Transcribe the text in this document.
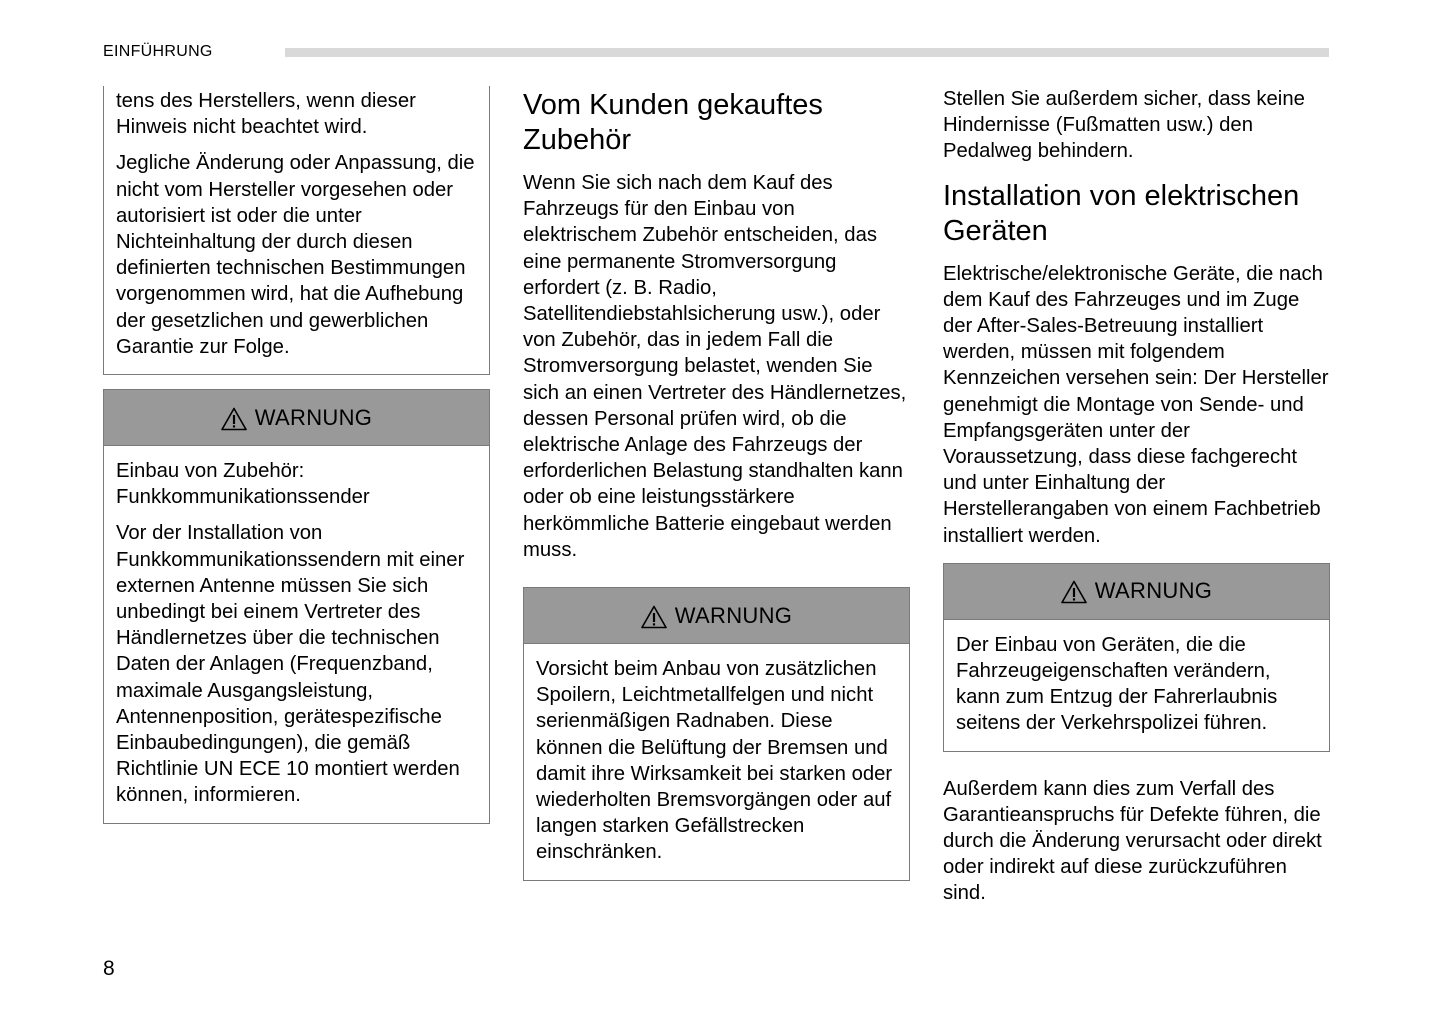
EINFÜHRUNG

tens des Herstellers, wenn dieser Hinweis nicht beachtet wird.

Jegliche Änderung oder Anpassung, die nicht vom Hersteller vorgesehen oder autorisiert ist oder die unter Nichteinhaltung der durch diesen definierten technischen Bestimmungen vorgenommen wird, hat die Aufhebung der gesetzlichen und gewerblichen Garantie zur Folge.

WARNUNG

Einbau von Zubehör: Funkkommunikationssender

Vor der Installation von Funkkommunikationssendern mit einer externen Antenne müssen Sie sich unbedingt bei einem Vertreter des Händlernetzes über die technischen Daten der Anlagen (Frequenzband, maximale Ausgangsleistung, Antennenposition, gerätespezifische Einbaubedingungen), die gemäß Richtlinie UN ECE 10 montiert werden können, informieren.

Vom Kunden gekauftes Zubehör

Wenn Sie sich nach dem Kauf des Fahrzeugs für den Einbau von elektrischem Zubehör entscheiden, das eine permanente Stromversorgung erfordert (z. B. Radio, Satellitendiebstahlsicherung usw.), oder von Zubehör, das in jedem Fall die Stromversorgung belastet, wenden Sie sich an einen Vertreter des Händlernetzes, dessen Personal prüfen wird, ob die elektrische Anlage des Fahrzeugs der erforderlichen Belastung standhalten kann oder ob eine leistungsstärkere herkömmliche Batterie eingebaut werden muss.

WARNUNG

Vorsicht beim Anbau von zusätzlichen Spoilern, Leichtmetallfelgen und nicht serienmäßigen Radnaben. Diese können die Belüftung der Bremsen und damit ihre Wirksamkeit bei starken oder wiederholten Bremsvorgängen oder auf langen starken Gefällstrecken einschränken.

Stellen Sie außerdem sicher, dass keine Hindernisse (Fußmatten usw.) den Pedalweg behindern.

Installation von elektrischen Geräten

Elektrische/elektronische Geräte, die nach dem Kauf des Fahrzeuges und im Zuge der After-Sales-Betreuung installiert werden, müssen mit folgendem Kennzeichen versehen sein: Der Hersteller genehmigt die Montage von Sende- und Empfangsgeräten unter der Voraussetzung, dass diese fachgerecht und unter Einhaltung der Herstellerangaben von einem Fachbetrieb installiert werden.

WARNUNG

Der Einbau von Geräten, die die Fahrzeugeigenschaften verändern, kann zum Entzug der Fahrerlaubnis seitens der Verkehrspolizei führen.

Außerdem kann dies zum Verfall des Garantieanspruchs für Defekte führen, die durch die Änderung verursacht oder direkt oder indirekt auf diese zurückzuführen sind.

8
